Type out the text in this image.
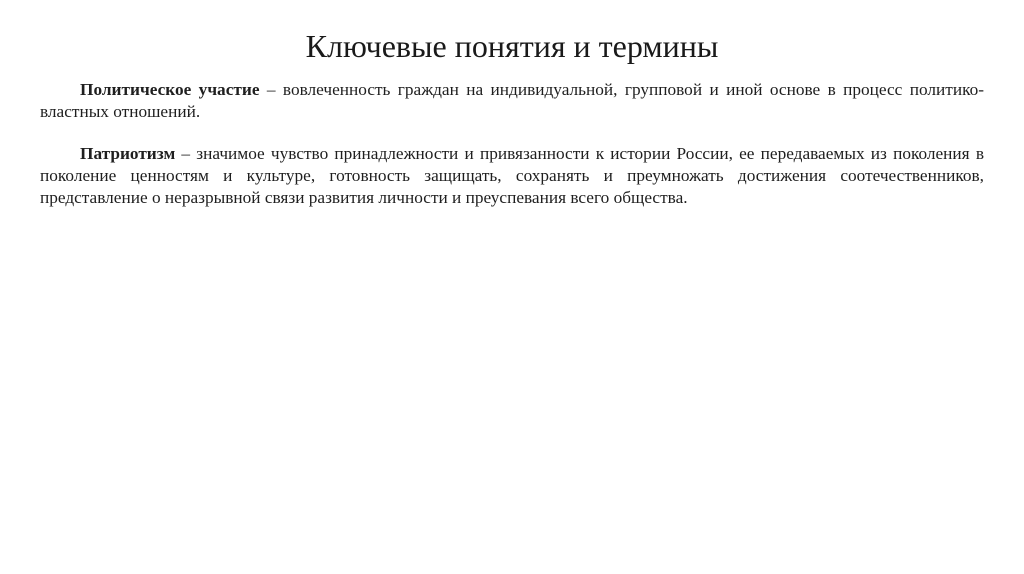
Ключевые понятия и термины

Политическое участие – вовлеченность граждан на индивидуальной, групповой и иной основе в процесс политико-властных отношений.

Патриотизм – значимое чувство принадлежности и привязанности к истории России, ее передаваемых из поколения в поколение ценностям и культуре, готовность защищать, сохранять и преумножать достижения соотечественников, представление о неразрывной связи развития личности и преуспевания всего общества.
